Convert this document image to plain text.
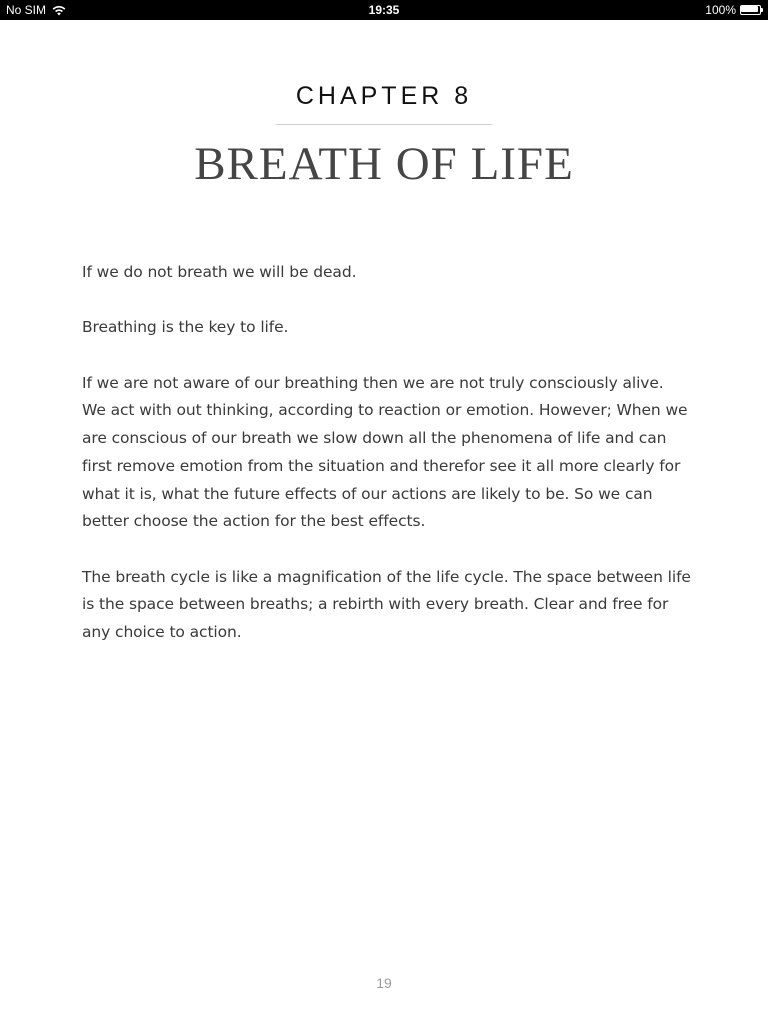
No SIM	19:35	100%
CHAPTER 8
BREATH OF LIFE

If we do not breath we will be dead.

Breathing is the key to life.

If we are not aware of our breathing then we are not truly consciously alive. We act with out thinking, according to reaction or emotion. However; When we are conscious of our breath we slow down all the phenomena of life and can first remove emotion from the situation and therefor see it all more clearly for what it is, what the future effects of our actions are likely to be. So we can better choose the action for the best effects.

The breath cycle is like a magnification of the life cycle. The space between life is the space between breaths; a rebirth with every breath. Clear and free for any choice to action.

19
